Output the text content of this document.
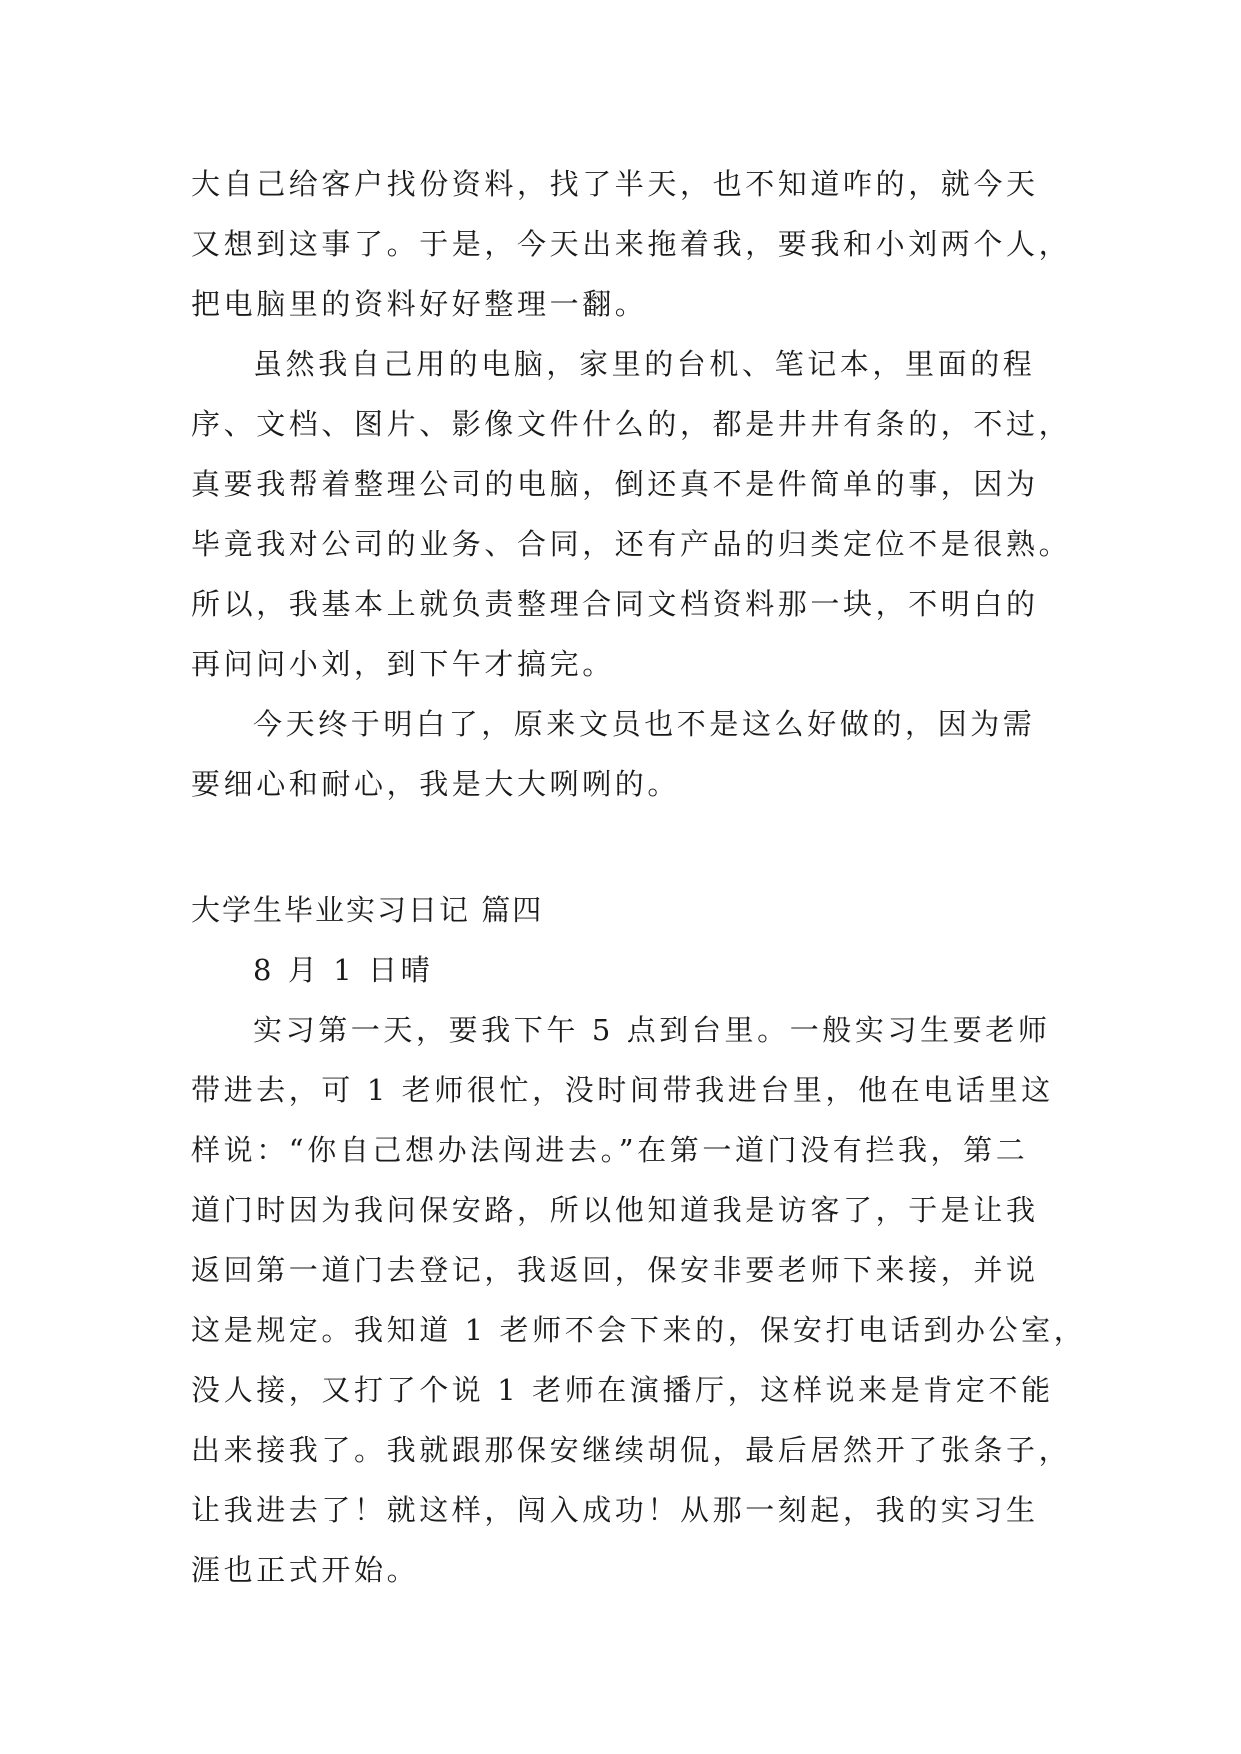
大自己给客户找份资料，找了半天，也不知道咋的，就今天
又想到这事了。于是，今天出来拖着我，要我和小刘两个人，
把电脑里的资料好好整理一翻。
虽然我自己用的电脑，家里的台机、笔记本，里面的程
序、文档、图片、影像文件什么的，都是井井有条的，不过，
真要我帮着整理公司的电脑，倒还真不是件简单的事，因为
毕竟我对公司的业务、合同，还有产品的归类定位不是很熟。
所以，我基本上就负责整理合同文档资料那一块，不明白的
再问问小刘，到下午才搞完。
今天终于明白了，原来文员也不是这么好做的，因为需
要细心和耐心，我是大大咧咧的。
大学生毕业实习日记 篇四
8 月 1 日晴
实习第一天，要我下午 5 点到台里。一般实习生要老师
带进去，可 1 老师很忙，没时间带我进台里，他在电话里这
样说：“你自己想办法闯进去。”在第一道门没有拦我，第二
道门时因为我问保安路，所以他知道我是访客了，于是让我
返回第一道门去登记，我返回，保安非要老师下来接，并说
这是规定。我知道 1 老师不会下来的，保安打电话到办公室，
没人接，又打了个说 1 老师在演播厅，这样说来是肯定不能
出来接我了。我就跟那保安继续胡侃，最后居然开了张条子，
让我进去了！就这样，闯入成功！从那一刻起，我的实习生
涯也正式开始。
